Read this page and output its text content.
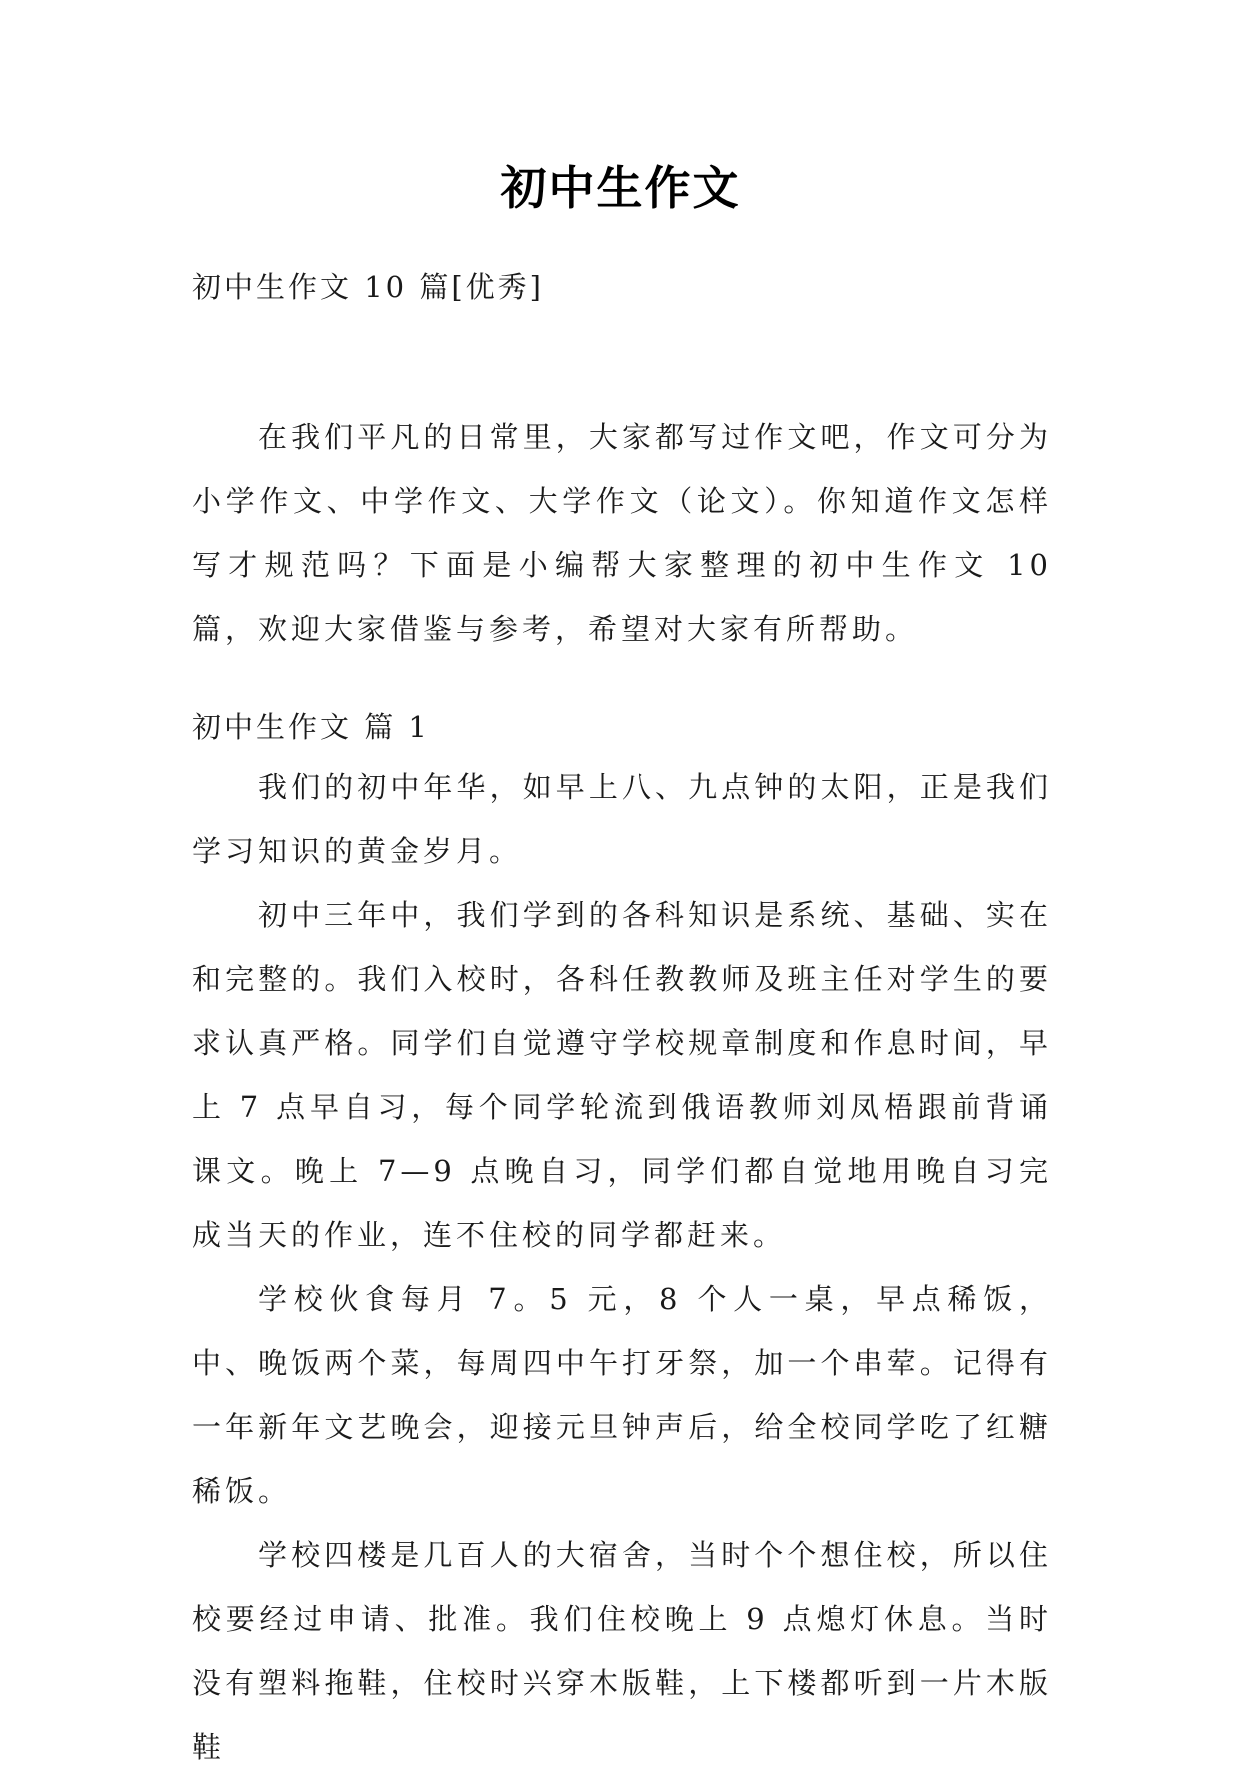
初中生作文

初中生作文 10 篇[优秀]

在我们平凡的日常里，大家都写过作文吧，作文可分为小学作文、中学作文、大学作文（论文）。你知道作文怎样写才规范吗？下面是小编帮大家整理的初中生作文 10 篇，欢迎大家借鉴与参考，希望对大家有所帮助。

初中生作文 篇 1

我们的初中年华，如早上八、九点钟的太阳，正是我们学习知识的黄金岁月。

初中三年中，我们学到的各科知识是系统、基础、实在和完整的。我们入校时，各科任教教师及班主任对学生的要求认真严格。同学们自觉遵守学校规章制度和作息时间，早上 7 点早自习，每个同学轮流到俄语教师刘凤梧跟前背诵课文。晚上 7—9 点晚自习，同学们都自觉地用晚自习完成当天的作业，连不住校的同学都赶来。

学校伙食每月 7。5 元，8 个人一桌，早点稀饭，中、晚饭两个菜，每周四中午打牙祭，加一个串荤。记得有一年新年文艺晚会，迎接元旦钟声后，给全校同学吃了红糖稀饭。

学校四楼是几百人的大宿舍，当时个个想住校，所以住校要经过申请、批准。我们住校晚上 9 点熄灯休息。当时没有塑料拖鞋，住校时兴穿木版鞋，上下楼都听到一片木版鞋
